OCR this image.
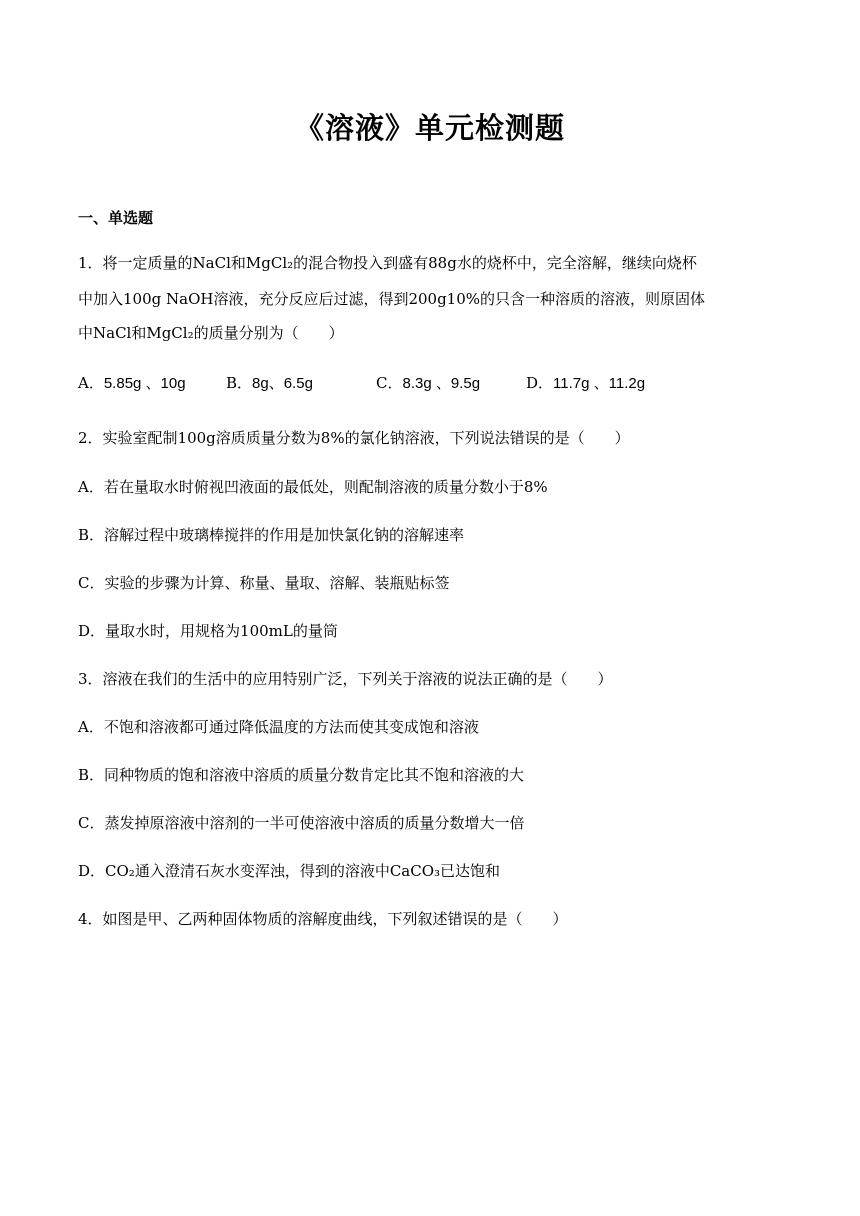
《溶液》单元检测题
一、单选题
1．将一定质量的NaCl和MgCl₂的混合物投入到盛有88g水的烧杯中，完全溶解，继续向烧杯
中加入100g NaOH溶液，充分反应后过滤，得到200g10%的只含一种溶质的溶液，则原固体
中NaCl和MgCl₂的质量分别为（　　）
A．5.85g 、10g	B．8g、6.5g	C．8.3g 、9.5g	D．11.7g 、11.2g
2．实验室配制100g溶质质量分数为8%的氯化钠溶液，下列说法错误的是（　　）
A．若在量取水时俯视凹液面的最低处，则配制溶液的质量分数小于8%
B．溶解过程中玻璃棒搅拌的作用是加快氯化钠的溶解速率
C．实验的步骤为计算、称量、量取、溶解、装瓶贴标签
D．量取水时，用规格为100mL的量筒
3．溶液在我们的生活中的应用特别广泛，下列关于溶液的说法正确的是（　　）
A．不饱和溶液都可通过降低温度的方法而使其变成饱和溶液
B．同种物质的饱和溶液中溶质的质量分数肯定比其不饱和溶液的大
C．蒸发掉原溶液中溶剂的一半可使溶液中溶质的质量分数增大一倍
D．CO₂通入澄清石灰水变浑浊，得到的溶液中CaCO₃已达饱和
4．如图是甲、乙两种固体物质的溶解度曲线，下列叙述错误的是（　　）
